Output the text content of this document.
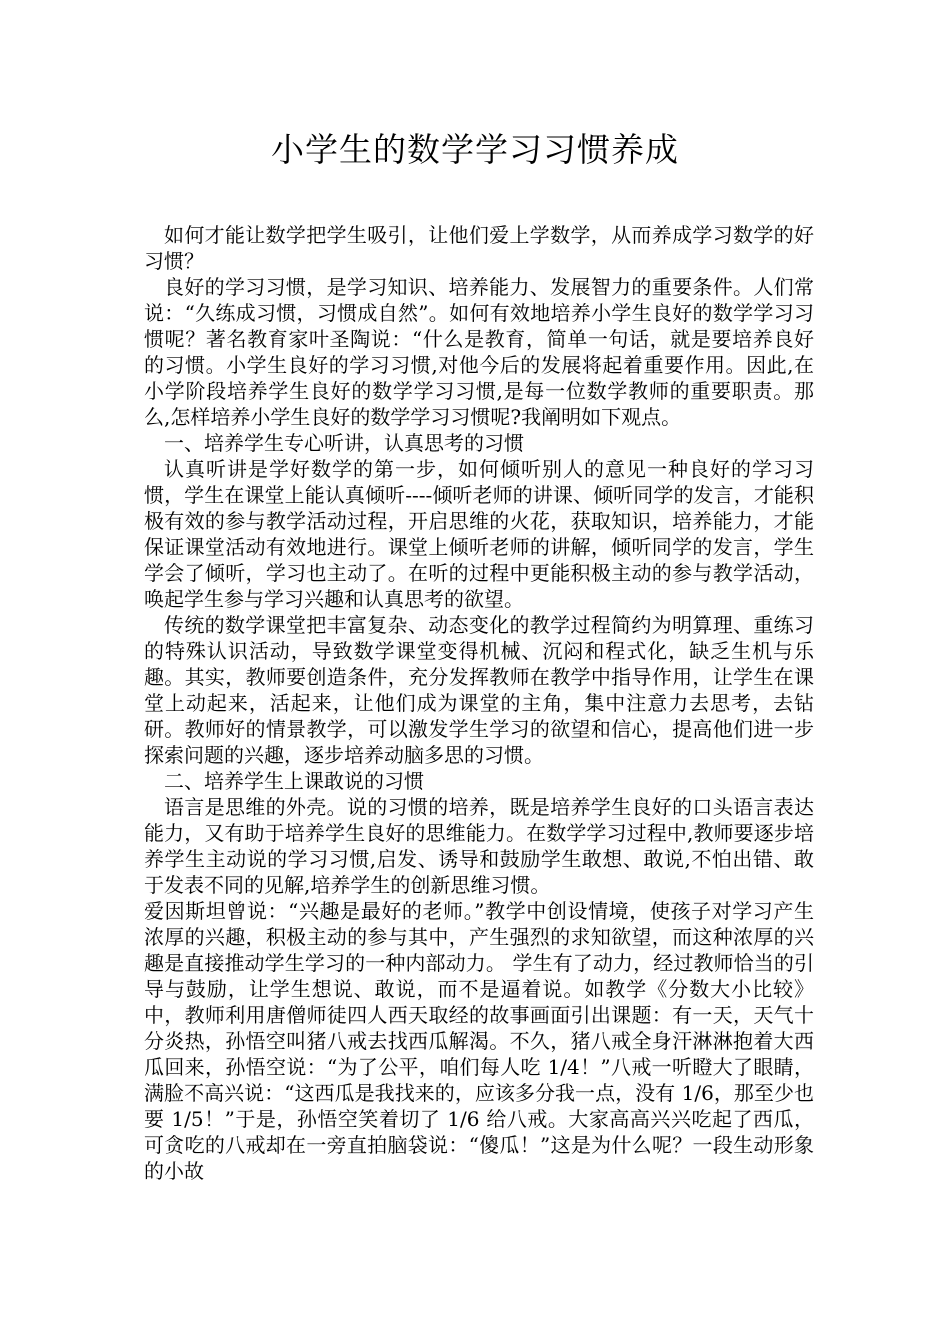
小学生的数学学习习惯养成

如何才能让数学把学生吸引，让他们爱上学数学，从而养成学习数学的好习惯？

良好的学习习惯，是学习知识、培养能力、发展智力的重要条件。人们常说：“久练成习惯，习惯成自然”。如何有效地培养小学生良好的数学学习习惯呢？著名教育家叶圣陶说：“什么是教育，简单一句话，就是要培养良好的习惯。小学生良好的学习习惯,对他今后的发展将起着重要作用。因此,在小学阶段培养学生良好的数学学习习惯,是每一位数学教师的重要职责。那么,怎样培养小学生良好的数学学习习惯呢?我阐明如下观点。

一、培养学生专心听讲，认真思考的习惯

认真听讲是学好数学的第一步，如何倾听别人的意见一种良好的学习习惯，学生在课堂上能认真倾听----倾听老师的讲课、倾听同学的发言，才能积极有效的参与教学活动过程，开启思维的火花，获取知识，培养能力，才能保证课堂活动有效地进行。课堂上倾听老师的讲解，倾听同学的发言，学生学会了倾听，学习也主动了。在听的过程中更能积极主动的参与教学活动，唤起学生参与学习兴趣和认真思考的欲望。

传统的数学课堂把丰富复杂、动态变化的教学过程简约为明算理、重练习的特殊认识活动，导致数学课堂变得机械、沉闷和程式化，缺乏生机与乐趣。其实，教师要创造条件，充分发挥教师在教学中指导作用，让学生在课堂上动起来，活起来，让他们成为课堂的主角，集中注意力去思考，去钻研。教师好的情景教学，可以激发学生学习的欲望和信心，提高他们进一步探索问题的兴趣，逐步培养动脑多思的习惯。

二、培养学生上课敢说的习惯

语言是思维的外壳。说的习惯的培养，既是培养学生良好的口头语言表达能力，又有助于培养学生良好的思维能力。在数学学习过程中,教师要逐步培养学生主动说的学习习惯,启发、诱导和鼓励学生敢想、敢说,不怕出错、敢于发表不同的见解,培养学生的创新思维习惯。

爱因斯坦曾说：“兴趣是最好的老师。”教学中创设情境，使孩子对学习产生浓厚的兴趣，积极主动的参与其中，产生强烈的求知欲望，而这种浓厚的兴趣是直接推动学生学习的一种内部动力。 学生有了动力，经过教师恰当的引导与鼓励，让学生想说、敢说，而不是逼着说。如教学《分数大小比较》中，教师利用唐僧师徒四人西天取经的故事画面引出课题：有一天，天气十分炎热，孙悟空叫猪八戒去找西瓜解渴。不久，猪八戒全身汗淋淋抱着大西瓜回来，孙悟空说：“为了公平，咱们每人吃 1/4！”八戒一听瞪大了眼睛，满脸不高兴说：“这西瓜是我找来的，应该多分我一点，没有 1/6，那至少也要 1/5！”于是，孙悟空笑着切了 1/6 给八戒。大家高高兴兴吃起了西瓜，可贪吃的八戒却在一旁直拍脑袋说：“傻瓜！”这是为什么呢？一段生动形象的小故
